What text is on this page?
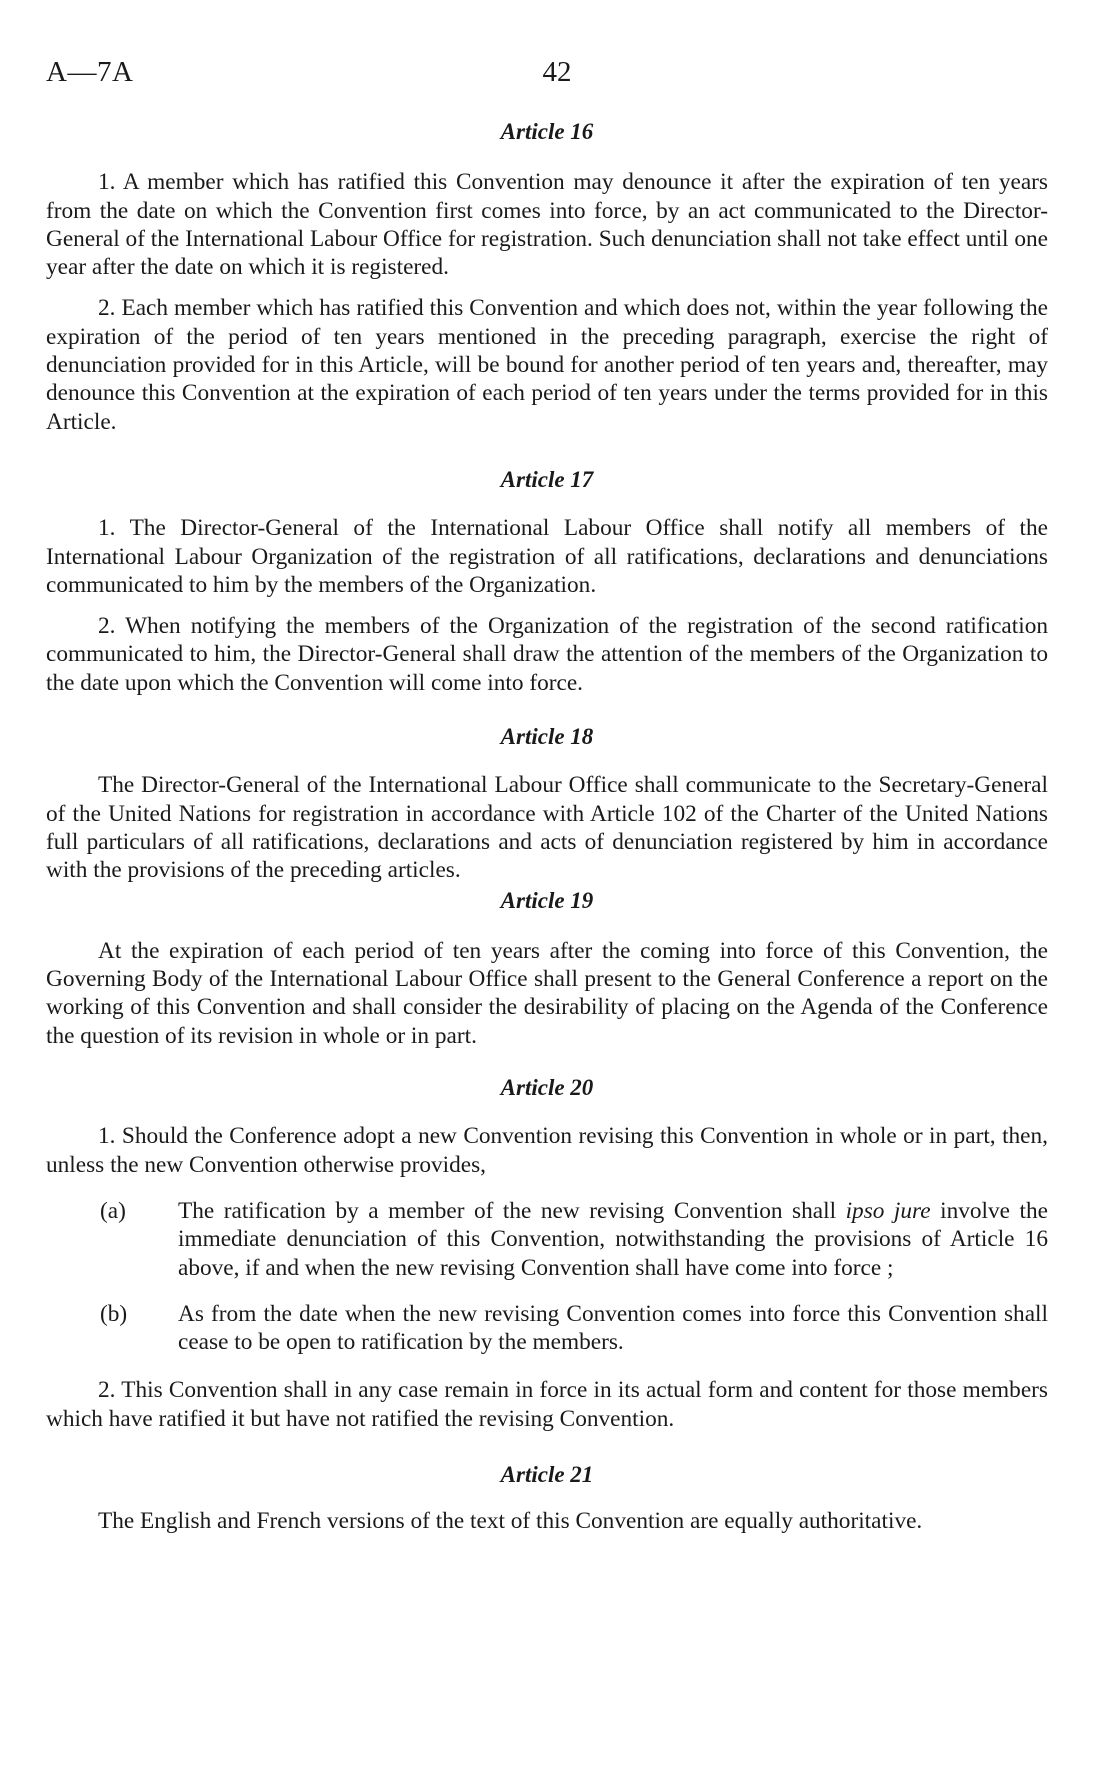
A—7A	42
Article 16

1. A member which has ratified this Convention may denounce it after the expiration of ten years from the date on which the Convention first comes into force, by an act communicated to the Director-General of the International Labour Office for registration. Such denunciation shall not take effect until one year after the date on which it is registered.

2. Each member which has ratified this Convention and which does not, within the year following the expiration of the period of ten years mentioned in the preceding paragraph, exercise the right of denunciation provided for in this Article, will be bound for another period of ten years and, thereafter, may denounce this Convention at the expiration of each period of ten years under the terms provided for in this Article.

Article 17

1. The Director-General of the International Labour Office shall notify all members of the International Labour Organization of the registration of all ratifications, declarations and denunciations communicated to him by the members of the Organization.

2. When notifying the members of the Organization of the registration of the second ratification communicated to him, the Director-General shall draw the attention of the members of the Organization to the date upon which the Convention will come into force.

Article 18

The Director-General of the International Labour Office shall communicate to the Secretary-General of the United Nations for registration in accordance with Article 102 of the Charter of the United Nations full particulars of all ratifications, declarations and acts of denunciation registered by him in accordance with the provisions of the preceding articles.

Article 19

At the expiration of each period of ten years after the coming into force of this Convention, the Governing Body of the International Labour Office shall present to the General Conference a report on the working of this Convention and shall consider the desirability of placing on the Agenda of the Conference the question of its revision in whole or in part.

Article 20

1. Should the Conference adopt a new Convention revising this Convention in whole or in part, then, unless the new Convention otherwise provides,

(a) The ratification by a member of the new revising Convention shall ipso jure involve the immediate denunciation of this Convention, notwithstanding the provisions of Article 16 above, if and when the new revising Convention shall have come into force ;
(b) As from the date when the new revising Convention comes into force this Convention shall cease to be open to ratification by the members.

2. This Convention shall in any case remain in force in its actual form and content for those members which have ratified it but have not ratified the revising Convention.

Article 21

The English and French versions of the text of this Convention are equally authoritative.
